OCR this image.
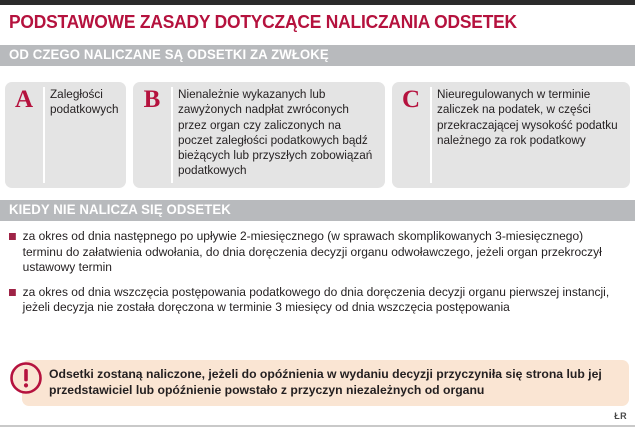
PODSTAWOWE ZASADY DOTYCZĄCE NALICZANIA ODSETEK
OD CZEGO NALICZANE SĄ ODSETKI ZA ZWŁOKĘ
A	Zaległości podatkowych	B	Nienależnie wykazanych lub zawyżonych nadpłat zwróconych przez organ czy zaliczonych na poczet zaległości podatkowych bądź bieżących lub przyszłych zobowiązań podatkowych
C	Nieuregulowanych w terminie zaliczek na podatek, w części przekraczającej wysokość podatku należnego za rok podatkowy
KIEDY NIE NALICZA SIĘ ODSETEK
za okres od dnia następnego po upływie 2-miesięcznego (w sprawach skomplikowanych 3-miesięcznego) terminu do załatwienia odwołania, do dnia doręczenia decyzji organu odwoławczego, jeżeli organ przekroczył ustawowy termin
za okres od dnia wszczęcia postępowania podatkowego do dnia doręczenia decyzji organu pierwszej instancji, jeżeli decyzja nie została doręczona w terminie 3 miesięcy od dnia wszczęcia postępowania
Odsetki zostaną naliczone, jeżeli do opóźnienia w wydaniu decyzji przyczyniła się strona lub jej przedstawiciel lub opóźnienie powstało z przyczyn niezależnych od organu
ŁR
